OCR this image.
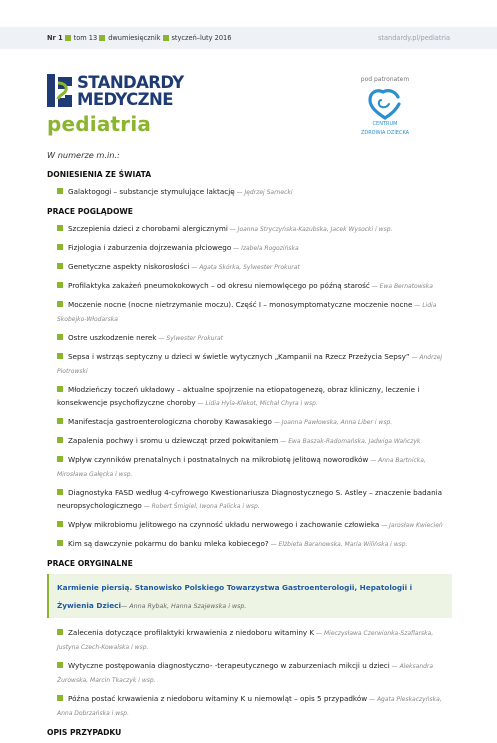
Nr 1 tom 13 dwumiesięcznik styczeń–luty 2016	standardy.pl/pediatria
STANDARDY
MEDYCZNE
pediatria
pod patronatem
CENTRUM
ZDROWIA DZIECKA
W numerze m.in.:
DONIESIENIA ZE ŚWIATA
Galaktogogi – substancje stymulujące laktację — Jędrzej Sarnecki
PRACE POGLĄDOWE
Szczepienia dzieci z chorobami alergicznymi — Joanna Stryczyńska-Kazubska, Jacek Wysocki i wsp.
Fizjologia i zaburzenia dojrzewania płciowego — Izabela Rogozińska
Genetyczne aspekty niskorosłości — Agata Skórka, Sylwester Prokurat
Profilaktyka zakażeń pneumokokowych – od okresu niemowlęcego po późną starość — Ewa Bernatowska
Moczenie nocne (nocne nietrzymanie moczu). Część I – monosymptomatyczne moczenie nocne — Lidia Skobejko-Włodarska
Ostre uszkodzenie nerek — Sylwester Prokurat
Sepsa i wstrząs septyczny u dzieci w świetle wytycznych „Kampanii na Rzecz Przeżycia Sepsy” — Andrzej Piotrowski
Młodzieńczy toczeń układowy – aktualne spojrzenie na etiopatogenezę, obraz kliniczny, leczenie i konsekwencje psychofizyczne choroby — Lidia Hyla-Klekot, Michał Chyra i wsp.
Manifestacja gastroenterologiczna choroby Kawasakiego — Joanna Pawłowska, Anna Liber i wsp.
Zapalenia pochwy i sromu u dziewcząt przed pokwitaniem — Ewa Baszak-Radomańska, Jadwiga Wańczyk
Wpływ czynników prenatalnych i postnatalnych na mikrobiotę jelitową noworodków — Anna Bartnicka, Mirosława Gałęcka i wsp.
Diagnostyka FASD według 4-cyfrowego Kwestionariusza Diagnostycznego S. Astley – znaczenie badania neuropsychologicznego — Robert Śmigiel, Iwona Palicka i wsp.
Wpływ mikrobiomu jelitowego na czynność układu nerwowego i zachowanie człowieka — Jarosław Kwiecień
Kim są dawczynie pokarmu do banku mleka kobiecego? — Elżbieta Baranowska, Maria Wilińska i wsp.
PRACE ORYGINALNE
Karmienie piersią. Stanowisko Polskiego Towarzystwa Gastroenterologii, Hepatologii i Żywienia Dzieci — Anna Rybak, Hanna Szajewska i wsp.
Zalecenia dotyczące profilaktyki krwawienia z niedoboru witaminy K — Mieczysława Czerwionka-Szaflarska, Justyna Czech-Kowalska i wsp.
Wytyczne postępowania diagnostyczno- -terapeutycznego w zaburzeniach mikcji u dzieci — Aleksandra Żurowska, Marcin Tkaczyk i wsp.
Późna postać krwawienia z niedoboru witaminy K u niemowląt – opis 5 przypadków — Agata Pleskaczyńska, Anna Dobrzańska i wsp.
OPIS PRZYPADKU
